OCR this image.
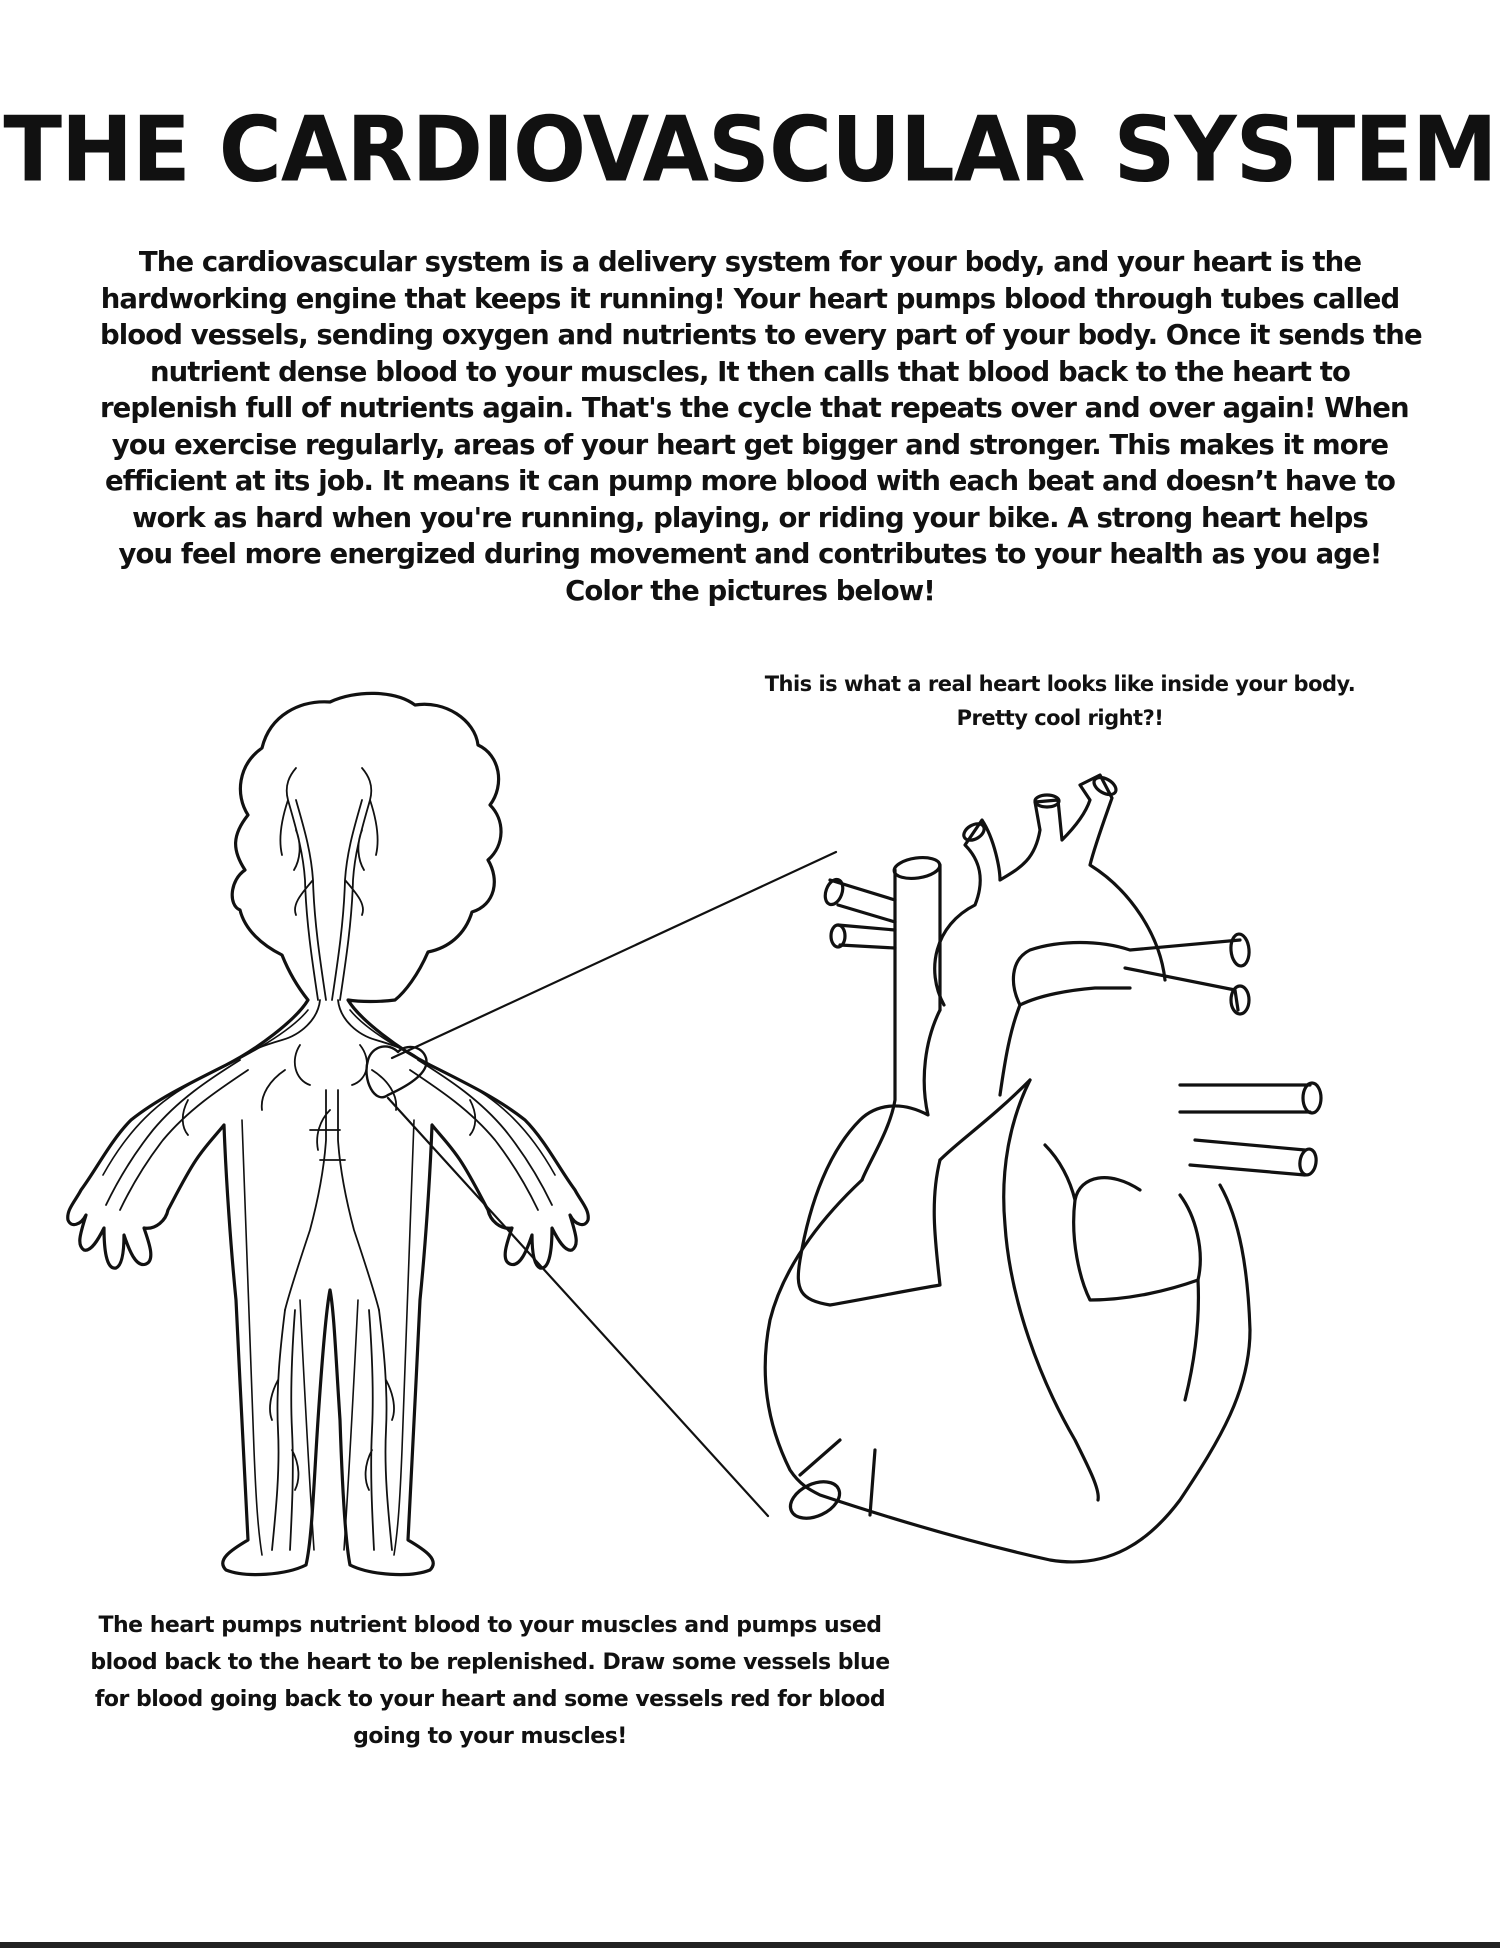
THE CARDIOVASCULAR SYSTEM
The cardiovascular system is a delivery system for your body, and your heart is the
hardworking engine that keeps it running! Your heart pumps blood through tubes called
blood vessels, sending oxygen and nutrients to every part of your body. Once it sends the
nutrient dense blood to your muscles, It then calls that blood back to the heart to
replenish full of nutrients again. That's the cycle that repeats over and over again! When
you exercise regularly, areas of your heart get bigger and stronger. This makes it more
efficient at its job. It means it can pump more blood with each beat and doesn’t have to
work as hard when you're running, playing, or riding your bike. A strong heart helps
you feel more energized during movement and contributes to your health as you age!
Color the pictures below!
This is what a real heart looks like inside your body.
Pretty cool right?!
The heart pumps nutrient blood to your muscles and pumps used
blood back to the heart to be replenished. Draw some vessels blue
for blood going back to your heart and some vessels red for blood
going to your muscles!
